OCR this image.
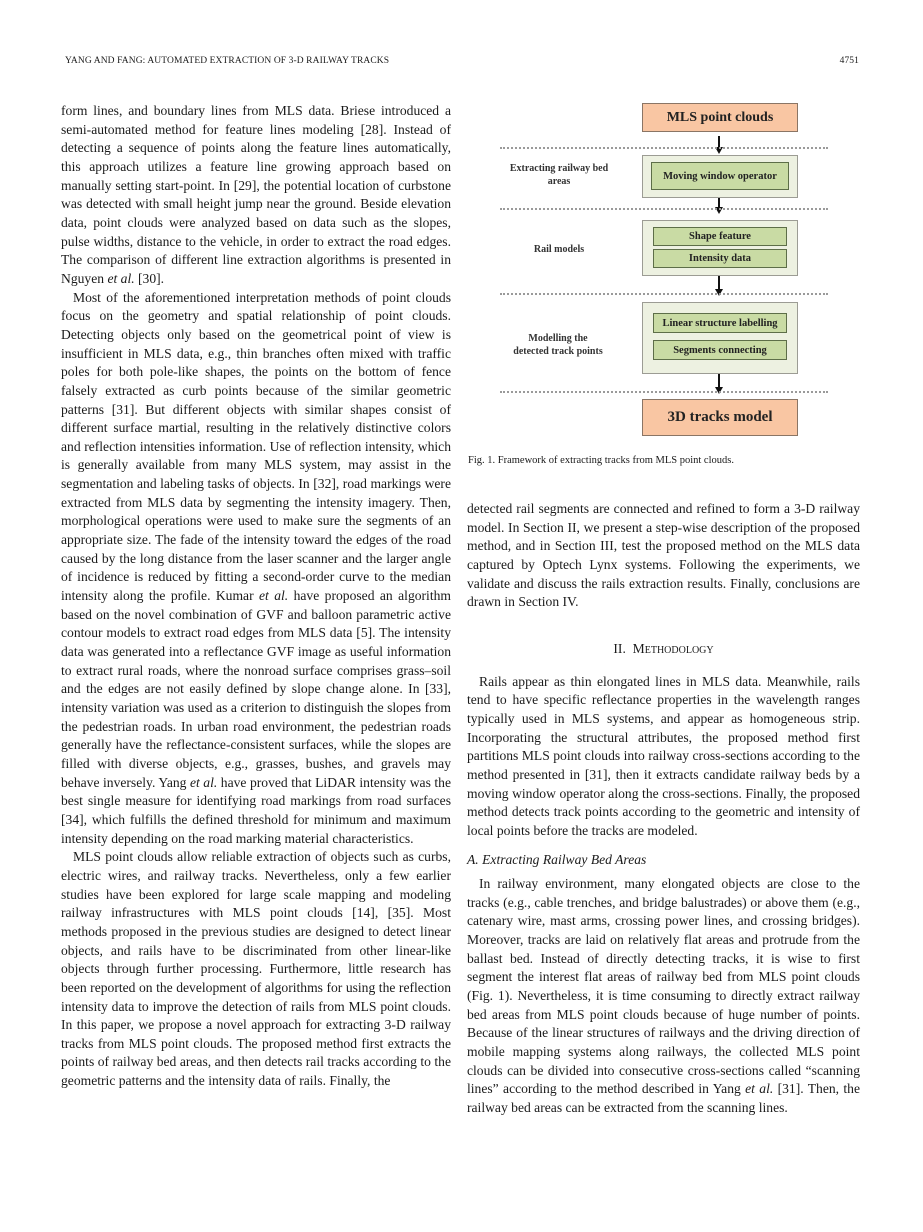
YANG AND FANG: AUTOMATED EXTRACTION OF 3-D RAILWAY TRACKS	4751

form lines, and boundary lines from MLS data. Briese introduced a semi-automated method for feature lines modeling [28]. Instead of detecting a sequence of points along the feature lines automatically, this approach utilizes a feature line growing approach based on manually setting start-point. In [29], the potential location of curbstone was detected with small height jump near the ground. Beside elevation data, point clouds were analyzed based on data such as the slopes, pulse widths, distance to the vehicle, in order to extract the road edges. The comparison of different line extraction algorithms is presented in Nguyen et al. [30].

Most of the aforementioned interpretation methods of point clouds focus on the geometry and spatial relationship of point clouds. Detecting objects only based on the geometrical point of view is insufficient in MLS data, e.g., thin branches often mixed with traffic poles for both pole-like shapes, the points on the bottom of fence falsely extracted as curb points because of the similar geometric patterns [31]. But different objects with similar shapes consist of different surface martial, resulting in the relatively distinctive colors and reflection intensities information. Use of reflection intensity, which is generally available from many MLS system, may assist in the segmentation and labeling tasks of objects. In [32], road markings were extracted from MLS data by segmenting the intensity imagery. Then, morphological operations were used to make sure the segments of an appropriate size. The fade of the intensity toward the edges of the road caused by the long distance from the laser scanner and the larger angle of incidence is reduced by fitting a second-order curve to the median intensity along the profile. Kumar et al. have proposed an algorithm based on the novel combination of GVF and balloon parametric active contour models to extract road edges from MLS data [5]. The intensity data was generated into a reflectance GVF image as useful information to extract rural roads, where the nonroad surface comprises grass–soil and the edges are not easily defined by slope change alone. In [33], intensity variation was used as a criterion to distinguish the slopes from the pedestrian roads. In urban road environment, the pedestrian roads generally have the reflectance-consistent surfaces, while the slopes are filled with diverse objects, e.g., grasses, bushes, and gravels may behave inversely. Yang et al. have proved that LiDAR intensity was the best single measure for identifying road markings from road surfaces [34], which fulfills the defined threshold for minimum and maximum intensity depending on the road marking material characteristics.

MLS point clouds allow reliable extraction of objects such as curbs, electric wires, and railway tracks. Nevertheless, only a few earlier studies have been explored for large scale mapping and modeling railway infrastructures with MLS point clouds [14], [35]. Most methods proposed in the previous studies are designed to detect linear objects, and rails have to be discriminated from other linear-like objects through further processing. Furthermore, little research has been reported on the development of algorithms for using the reflection intensity data to improve the detection of rails from MLS point clouds. In this paper, we propose a novel approach for extracting 3-D railway tracks from MLS point clouds. The proposed method first extracts the points of railway bed areas, and then detects rail tracks according to the geometric patterns and the intensity data of rails. Finally, the

MLS point clouds
Extracting railway bed areas	Moving window operator
Rail models
Shape feature
Intensity data
Modelling the detected track points
Linear structure labelling
Segments connecting
3D tracks model
Fig. 1. Framework of extracting tracks from MLS point clouds.

detected rail segments are connected and refined to form a 3-D railway model. In Section II, we present a step-wise description of the proposed method, and in Section III, test the proposed method on the MLS data captured by Optech Lynx systems. Following the experiments, we validate and discuss the rails extraction results. Finally, conclusions are drawn in Section IV.

II. Methodology

Rails appear as thin elongated lines in MLS data. Meanwhile, rails tend to have specific reflectance properties in the wavelength ranges typically used in MLS systems, and appear as homogeneous strip. Incorporating the structural attributes, the proposed method first partitions MLS point clouds into railway cross-sections according to the method presented in [31], then it extracts candidate railway beds by a moving window operator along the cross-sections. Finally, the proposed method detects track points according to the geometric and intensity of local points before the tracks are modeled.

A. Extracting Railway Bed Areas

In railway environment, many elongated objects are close to the tracks (e.g., cable trenches, and bridge balustrades) or above them (e.g., catenary wire, mast arms, crossing power lines, and crossing bridges). Moreover, tracks are laid on relatively flat areas and protrude from the ballast bed. Instead of directly detecting tracks, it is wise to first segment the interest flat areas of railway bed from MLS point clouds (Fig. 1). Nevertheless, it is time consuming to directly extract railway bed areas from MLS point clouds because of huge number of points. Because of the linear structures of railways and the driving direction of mobile mapping systems along railways, the collected MLS point clouds can be divided into consecutive cross-sections called “scanning lines” according to the method described in Yang et al. [31]. Then, the railway bed areas can be extracted from the scanning lines.
